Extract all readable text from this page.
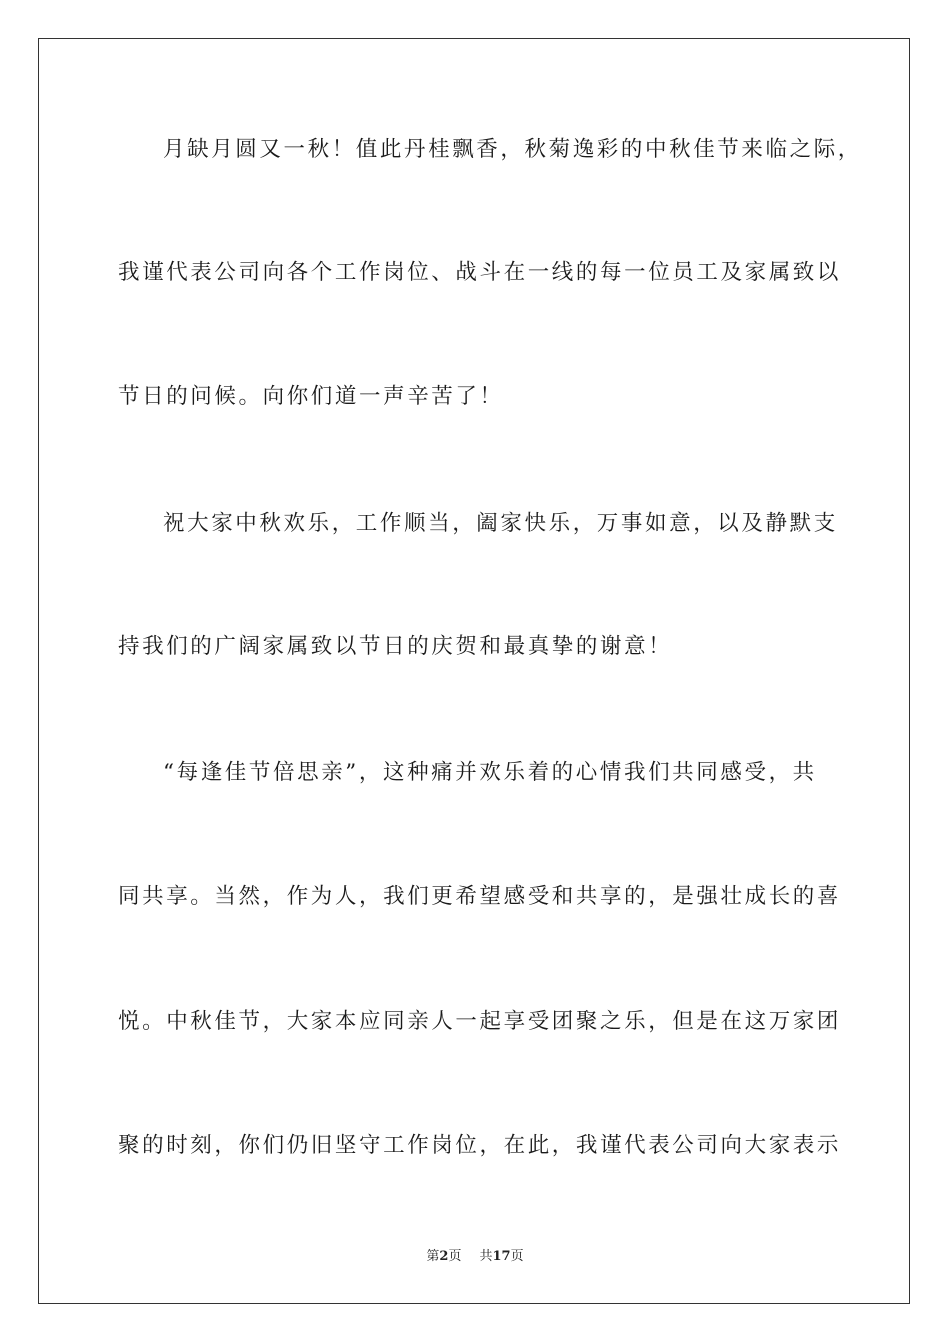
月缺月圆又一秋！值此丹桂飘香，秋菊逸彩的中秋佳节来临之际，
我谨代表公司向各个工作岗位、战斗在一线的每一位员工及家属致以
节日的问候。向你们道一声辛苦了！
祝大家中秋欢乐，工作顺当，阖家快乐，万事如意，以及静默支
持我们的广阔家属致以节日的庆贺和最真挚的谢意！
“每逢佳节倍思亲”，这种痛并欢乐着的心情我们共同感受，共
同共享。当然，作为人，我们更希望感受和共享的，是强壮成长的喜
悦。中秋佳节，大家本应同亲人一起享受团聚之乐，但是在这万家团
聚的时刻，你们仍旧坚守工作岗位，在此，我谨代表公司向大家表示
第2页 共17页
